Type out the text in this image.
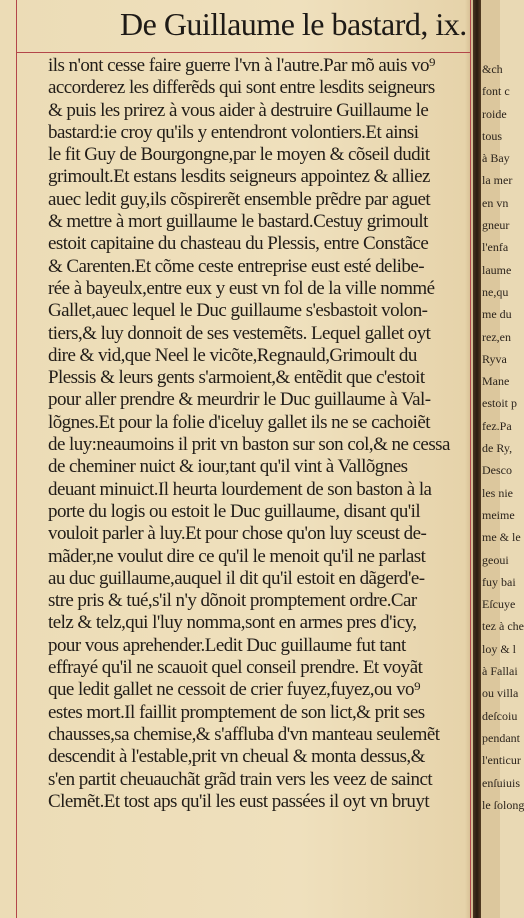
De Guillaume le bastard, ix.
ils n'ont cesse faire guerre l'vn à l'autre.Par mõ auis vo⁹
accorderez les differẽds qui sont entre lesdits seigneurs
& puis les prirez à vous aider à destruire Guillaume le
bastard:ie croy qu'ils y entendront volontiers.Et ainsi
le fit Guy de Bourgongne,par le moyen & cõseil dudit
grimoult.Et estans lesdits seigneurs appointez & alliez
auec ledit guy,ils cõspirerẽt ensemble prẽdre par aguet
& mettre à mort guillaume le bastard.Cestuy grimoult
estoit capitaine du chasteau du Plessis, entre Constãce
& Carenten.Et cõme ceste entreprise eust esté delibe-
rée à bayeulx,entre eux y eust vn fol de la ville nommé
Gallet,auec lequel le Duc guillaume s'esbastoit volon-
tiers,& luy donnoit de ses vestemẽts. Lequel gallet oyt
dire & vid,que Neel le vicõte,Regnauld,Grimoult du
Plessis & leurs gents s'armoient,& entẽdit que c'estoit
pour aller prendre & meurdrir le Duc guillaume à Val-
lõgnes.Et pour la folie d'iceluy gallet ils ne se cachoiẽt
de luy:neaumoins il prit vn baston sur son col,& ne cessa
de cheminer nuict & iour,tant qu'il vint à Vallõgnes
deuant minuict.Il heurta lourdement de son baston à la
porte du logis ou estoit le Duc guillaume, disant qu'il
vouloit parler à luy.Et pour chose qu'on luy sceust de-
mãder,ne voulut dire ce qu'il le menoit qu'il ne parlast
au duc guillaume,auquel il dit qu'il estoit en dãgerd'e-
stre pris & tué,s'il n'y dõnoit promptement ordre.Car
telz & telz,qui l'luy nomma,sont en armes pres d'icy,
pour vous aprehender.Ledit Duc guillaume fut tant
effrayé qu'il ne scauoit quel conseil prendre. Et voyãt
que ledit gallet ne cessoit de crier fuyez,fuyez,ou vo⁹
estes mort.Il faillit promptement de son lict,& prit ses
chausses,sa chemise,& s'affluba d'vn manteau seulemẽt
descendit à l'estable,prit vn cheual & monta dessus,&
s'en partit cheuauchãt grãd train vers les veez de sainct
Clemẽt.Et tost aps qu'il les eust passées il oyt vn bruyt
&ch
font c
roide
tous
à Bay
la mer
en vn
gneur
l'enfa
laume
ne,qu
me du
rez,en
Ryva
Mane
estoit p
fez.Pa
de Ry,
Desco
les nie
meime
me & le
geoui
fuy bai
Eſcuye
tez à che
loy & l
à Fallai
ou villa
deſcoiu
pendant
l'enticur
enſuiuis
le ſolong
